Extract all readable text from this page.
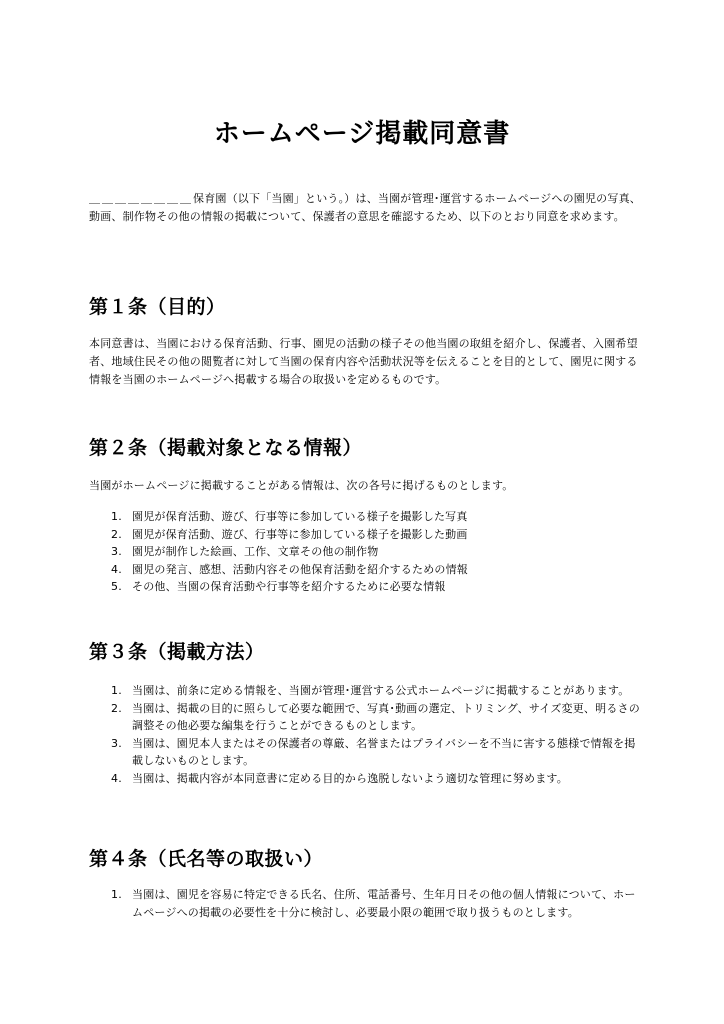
ホームページ掲載同意書
＿＿＿＿＿＿＿＿保育園（以下「当園」という。）は、当園が管理･運営するホームページへの園児の写真、動画、制作物その他の情報の掲載について、保護者の意思を確認するため、以下のとおり同意を求めます。
第１条（目的）
本同意書は、当園における保育活動、行事、園児の活動の様子その他当園の取組を紹介し、保護者、入園希望者、地域住民その他の閲覧者に対して当園の保育内容や活動状況等を伝えることを目的として、園児に関する情報を当園のホームページへ掲載する場合の取扱いを定めるものです。
第２条（掲載対象となる情報）
当園がホームページに掲載することがある情報は、次の各号に掲げるものとします。
1. 園児が保育活動、遊び、行事等に参加している様子を撮影した写真
2. 園児が保育活動、遊び、行事等に参加している様子を撮影した動画
3. 園児が制作した絵画、工作、文章その他の制作物
4. 園児の発言、感想、活動内容その他保育活動を紹介するための情報
5. その他、当園の保育活動や行事等を紹介するために必要な情報
第３条（掲載方法）
1. 当園は、前条に定める情報を、当園が管理･運営する公式ホームページに掲載することがあります。
2. 当園は、掲載の目的に照らして必要な範囲で、写真･動画の選定、トリミング、サイズ変更、明るさの調整その他必要な編集を行うことができるものとします。
3. 当園は、園児本人またはその保護者の尊厳、名誉またはプライバシーを不当に害する態様で情報を掲載しないものとします。
4. 当園は、掲載内容が本同意書に定める目的から逸脱しないよう適切な管理に努めます。
第４条（氏名等の取扱い）
1. 当園は、園児を容易に特定できる氏名、住所、電話番号、生年月日その他の個人情報について、ホームページへの掲載の必要性を十分に検討し、必要最小限の範囲で取り扱うものとします。
